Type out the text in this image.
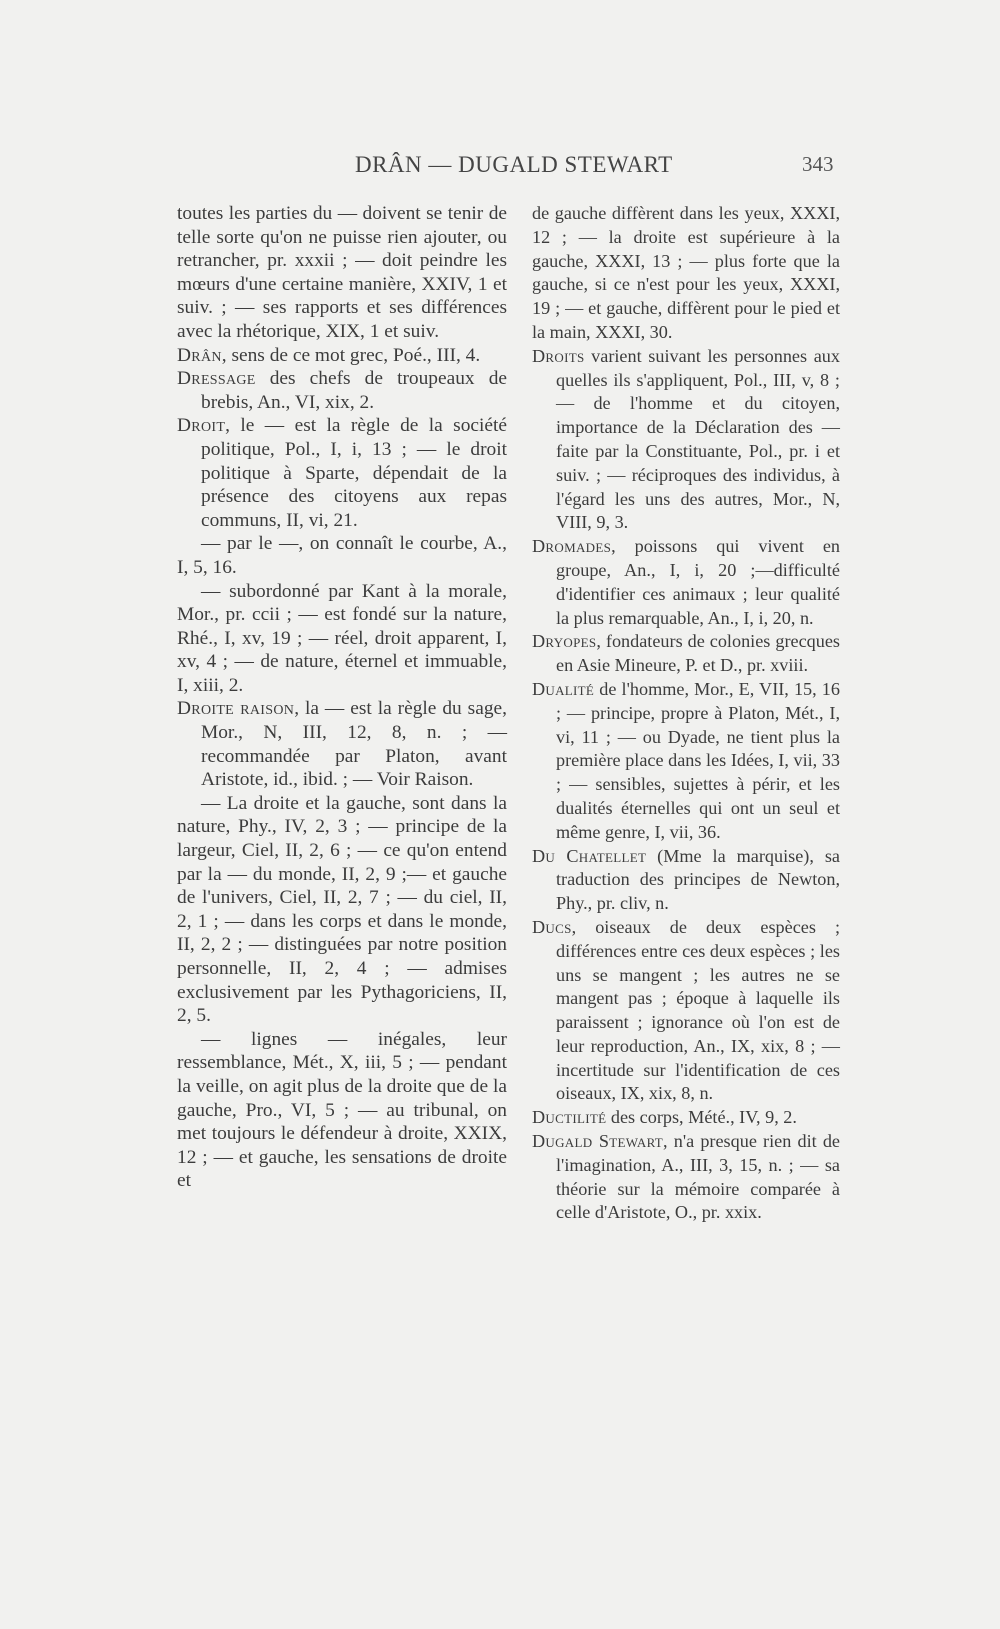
DRÂN — DUGALD STEWART	343

toutes les parties du — doivent se tenir de telle sorte qu'on ne puisse rien ajouter, ou retrancher, pr. xxxii ; — doit peindre les mœurs d'une certaine manière, XXIV, 1 et suiv. ; — ses rapports et ses différences avec la rhétorique, XIX, 1 et suiv.

Drân, sens de ce mot grec, Poé., III, 4.

Dressage des chefs de troupeaux de brebis, An., VI, xix, 2.

Droit, le — est la règle de la société politique, Pol., I, i, 13 ; — le droit politique à Sparte, dépendait de la présence des citoyens aux repas communs, II, vi, 21.

— par le —, on connaît le courbe, A., I, 5, 16.

— subordonné par Kant à la morale, Mor., pr. ccii ; — est fondé sur la nature, Rhé., I, xv, 19 ; — réel, droit apparent, I, xv, 4 ; — de nature, éternel et immuable, I, xiii, 2.

Droite raison, la — est la règle du sage, Mor., N, III, 12, 8, n. ; — recommandée par Platon, avant Aristote, id., ibid. ; — Voir Raison.

— La droite et la gauche, sont dans la nature, Phy., IV, 2, 3 ; — principe de la largeur, Ciel, II, 2, 6 ; — ce qu'on entend par la — du monde, II, 2, 9 ;— et gauche de l'univers, Ciel, II, 2, 7 ; — du ciel, II, 2, 1 ; — dans les corps et dans le monde, II, 2, 2 ; — distinguées par notre position personnelle, II, 2, 4 ; — admises exclusivement par les Pythagoriciens, II, 2, 5.

— lignes — inégales, leur ressemblance, Mét., X, iii, 5 ; — pendant la veille, on agit plus de la droite que de la gauche, Pro., VI, 5 ; — au tribunal, on met toujours le défendeur à droite, XXIX, 12 ; — et gauche, les sensations de droite et

de gauche diffèrent dans les yeux, XXXI, 12 ; — la droite est supérieure à la gauche, XXXI, 13 ; — plus forte que la gauche, si ce n'est pour les yeux, XXXI, 19 ; — et gauche, diffèrent pour le pied et la main, XXXI, 30.

Droits varient suivant les personnes aux quelles ils s'appliquent, Pol., III, v, 8 ; — de l'homme et du citoyen, importance de la Déclaration des — faite par la Constituante, Pol., pr. i et suiv. ; — réciproques des individus, à l'égard les uns des autres, Mor., N, VIII, 9, 3.

Dromades, poissons qui vivent en groupe, An., I, i, 20 ;—difficulté d'identifier ces animaux ; leur qualité la plus remarquable, An., I, i, 20, n.

Dryopes, fondateurs de colonies grecques en Asie Mineure, P. et D., pr. xviii.

Dualité de l'homme, Mor., E, VII, 15, 16 ; — principe, propre à Platon, Mét., I, vi, 11 ; — ou Dyade, ne tient plus la première place dans les Idées, I, vii, 33 ; — sensibles, sujettes à périr, et les dualités éternelles qui ont un seul et même genre, I, vii, 36.

Du Chatellet (Mme la marquise), sa traduction des principes de Newton, Phy., pr. cliv, n.

Ducs, oiseaux de deux espèces ; différences entre ces deux espèces ; les uns se mangent ; les autres ne se mangent pas ; époque à laquelle ils paraissent ; ignorance où l'on est de leur reproduction, An., IX, xix, 8 ; — incertitude sur l'identification de ces oiseaux, IX, xix, 8, n.

Ductilité des corps, Mété., IV, 9, 2.

Dugald Stewart, n'a presque rien dit de l'imagination, A., III, 3, 15, n. ; — sa théorie sur la mémoire comparée à celle d'Aristote, O., pr. xxix.
